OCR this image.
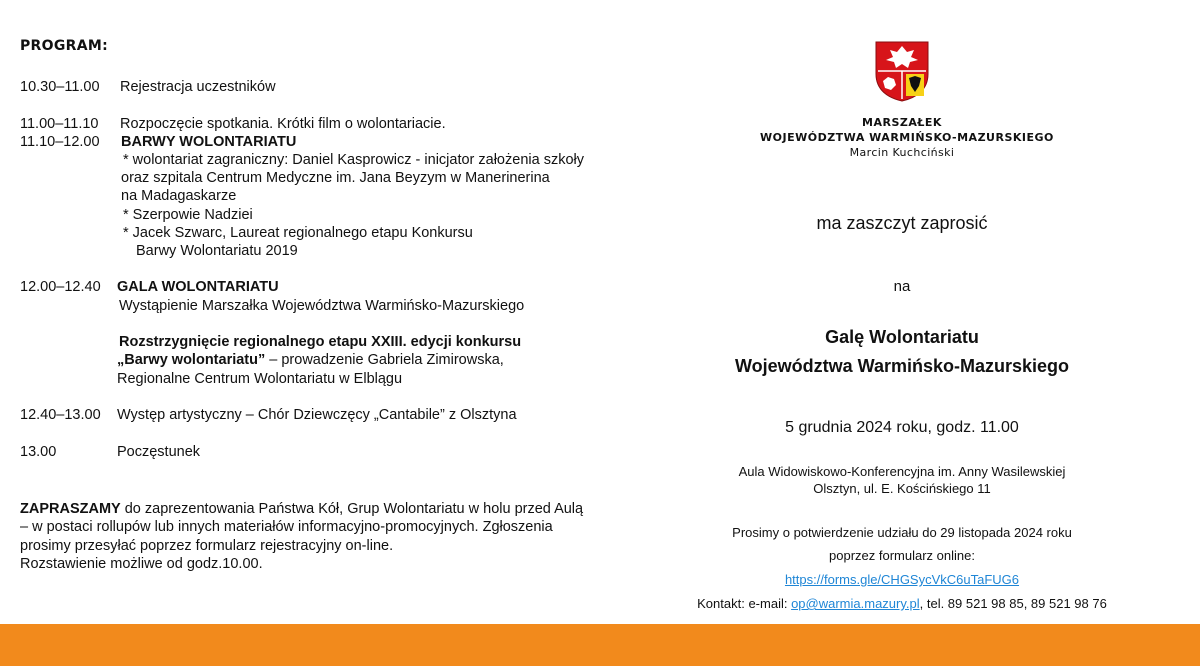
PROGRAM:
10.30–11.00 Rejestracja uczestników
11.00–11.10 Rozpoczęcie spotkania. Krótki film o wolontariacie.
11.10–12.00 BARWY WOLONTARIATU
* wolontariat zagraniczny: Daniel Kasprowicz - inicjator założenia szkoły
oraz szpitala Centrum Medyczne im. Jana Beyzym w Manerinerina
na Madagaskarze
* Szerpowie Nadziei
* Jacek Szwarc, Laureat regionalnego etapu Konkursu
Barwy Wolontariatu 2019
12.00–12.40 GALA WOLONTARIATU
Wystąpienie Marszałka Województwa Warmińsko-Mazurskiego
Rozstrzygnięcie regionalnego etapu XXIII. edycji konkursu
„Barwy wolontariatu” – prowadzenie Gabriela Zimirowska,
Regionalne Centrum Wolontariatu w Elblągu
12.40–13.00 Występ artystyczny – Chór Dziewczęcy „Cantabile” z Olsztyna
13.00	Poczęstunek
ZAPRASZAMY do zaprezentowania Państwa Kół, Grup Wolontariatu w holu przed Aulą
– w postaci rollupów lub innych materiałów informacyjno-promocyjnych. Zgłoszenia
prosimy przesyłać poprzez formularz rejestracyjny on-line.
Rozstawienie możliwe od godz.10.00.
MARSZAŁEK
WOJEWÓDZTWA WARMIŃSKO-MAZURSKIEGO
Marcin Kuchciński
ma zaszczyt zaprosić
na
Galę Wolontariatu
Województwa Warmińsko-Mazurskiego
5 grudnia 2024 roku, godz. 11.00
Aula Widowiskowo-Konferencyjna im. Anny Wasilewskiej
Olsztyn, ul. E. Kościńskiego 11
Prosimy o potwierdzenie udziału do 29 listopada 2024 roku
poprzez formularz online:
https://forms.gle/CHGSycVkC6uTaFUG6
Kontakt: e-mail: op@warmia.mazury.pl, tel. 89 521 98 85, 89 521 98 76
